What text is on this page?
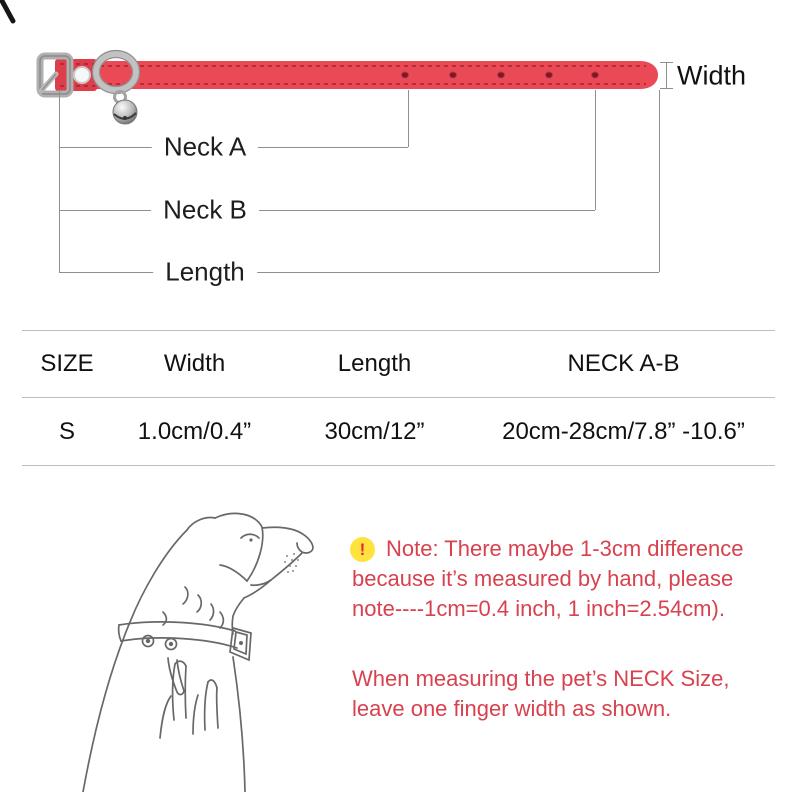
Width
Neck A
Neck B
Length
SIZE	Width	Length	NECK A-B
S	1.0cm/0.4”	30cm/12”	20cm-28cm/7.8” -10.6”
! Note: There maybe 1-3cm difference
because it’s measured by hand, please
note----1cm=0.4 inch, 1 inch=2.54cm).
When measuring the pet’s NECK Size,
leave one finger width as shown.
